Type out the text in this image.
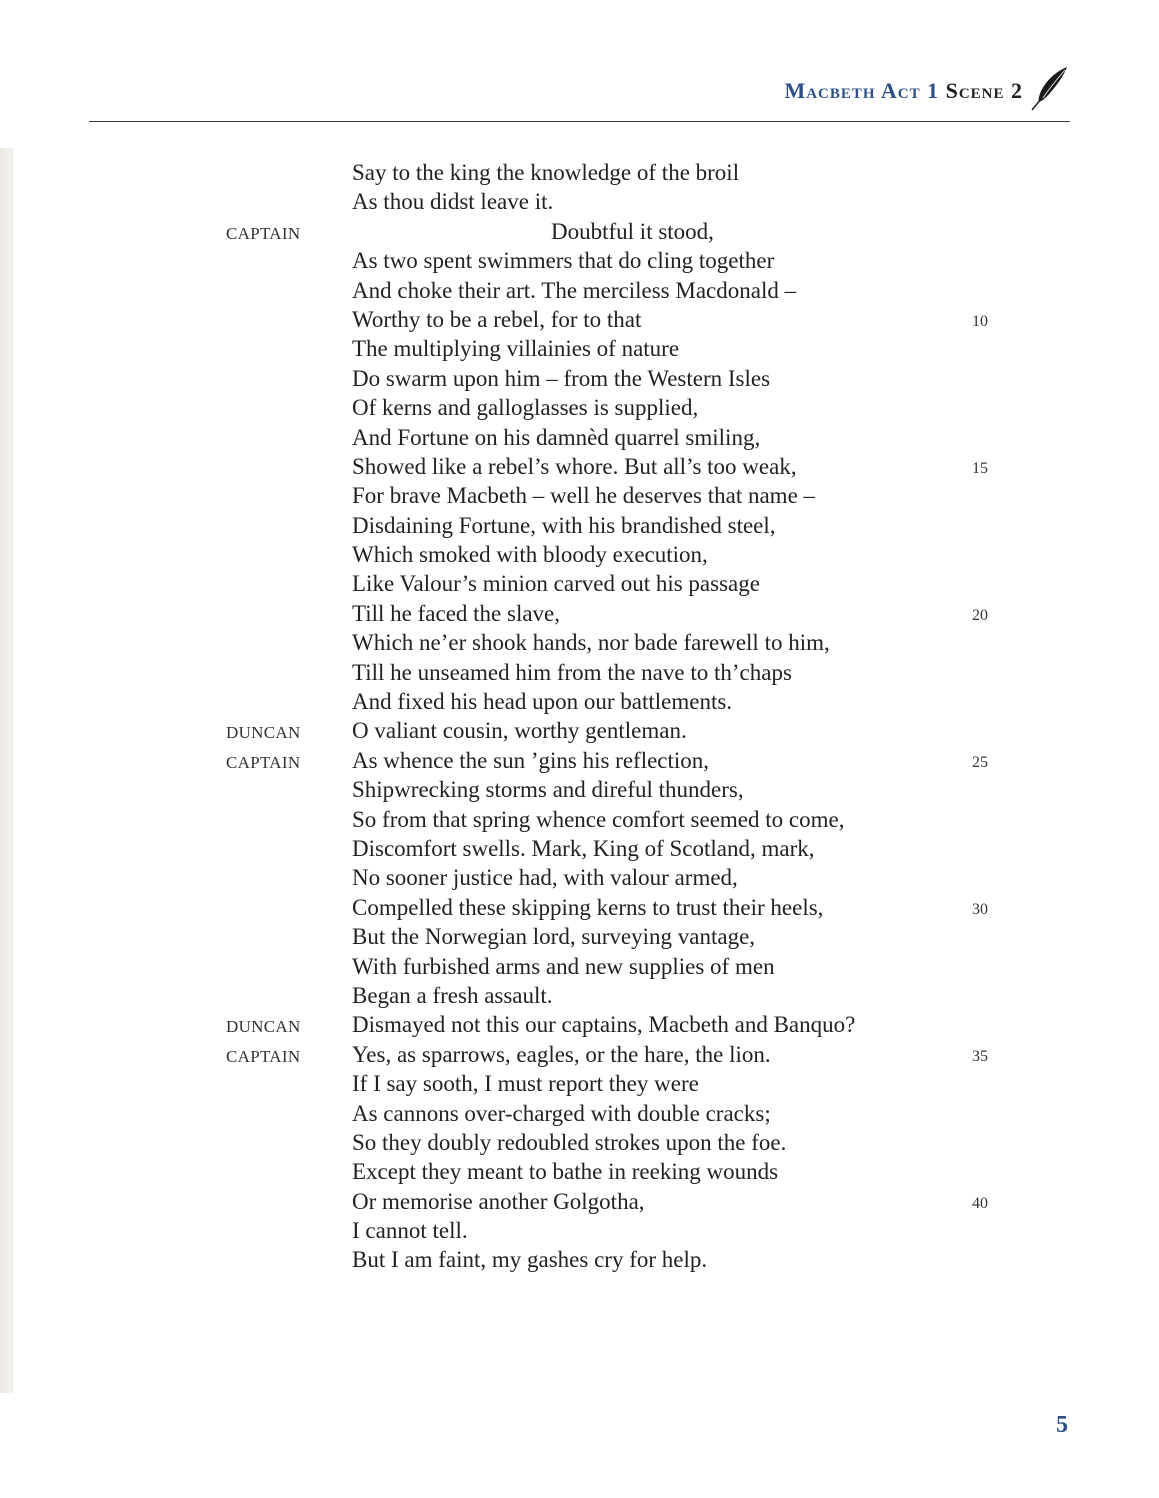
Macbeth Act 1 Scene 2
Say to the king the knowledge of the broil
As thou didst leave it.
CAPTAIN	Doubtful it stood,
As two spent swimmers that do cling together
And choke their art. The merciless Macdonald –
Worthy to be a rebel, for to that	10
The multiplying villainies of nature
Do swarm upon him – from the Western Isles
Of kerns and galloglasses is supplied,
And Fortune on his damnèd quarrel smiling,
Showed like a rebel’s whore. But all’s too weak,	15
For brave Macbeth – well he deserves that name –
Disdaining Fortune, with his brandished steel,
Which smoked with bloody execution,
Like Valour’s minion carved out his passage
Till he faced the slave,	20
Which ne’er shook hands, nor bade farewell to him,
Till he unseamed him from the nave to th’chaps
And fixed his head upon our battlements.
DUNCAN O valiant cousin, worthy gentleman.
CAPTAIN As whence the sun ’gins his reflection,	25
Shipwrecking storms and direful thunders,
So from that spring whence comfort seemed to come,
Discomfort swells. Mark, King of Scotland, mark,
No sooner justice had, with valour armed,
Compelled these skipping kerns to trust their heels,	30
But the Norwegian lord, surveying vantage,
With furbished arms and new supplies of men
Began a fresh assault.
DUNCAN Dismayed not this our captains, Macbeth and Banquo?
CAPTAIN Yes, as sparrows, eagles, or the hare, the lion.	35
If I say sooth, I must report they were
As cannons over-charged with double cracks;
So they doubly redoubled strokes upon the foe.
Except they meant to bathe in reeking wounds
Or memorise another Golgotha,	40
I cannot tell.
But I am faint, my gashes cry for help.
5
